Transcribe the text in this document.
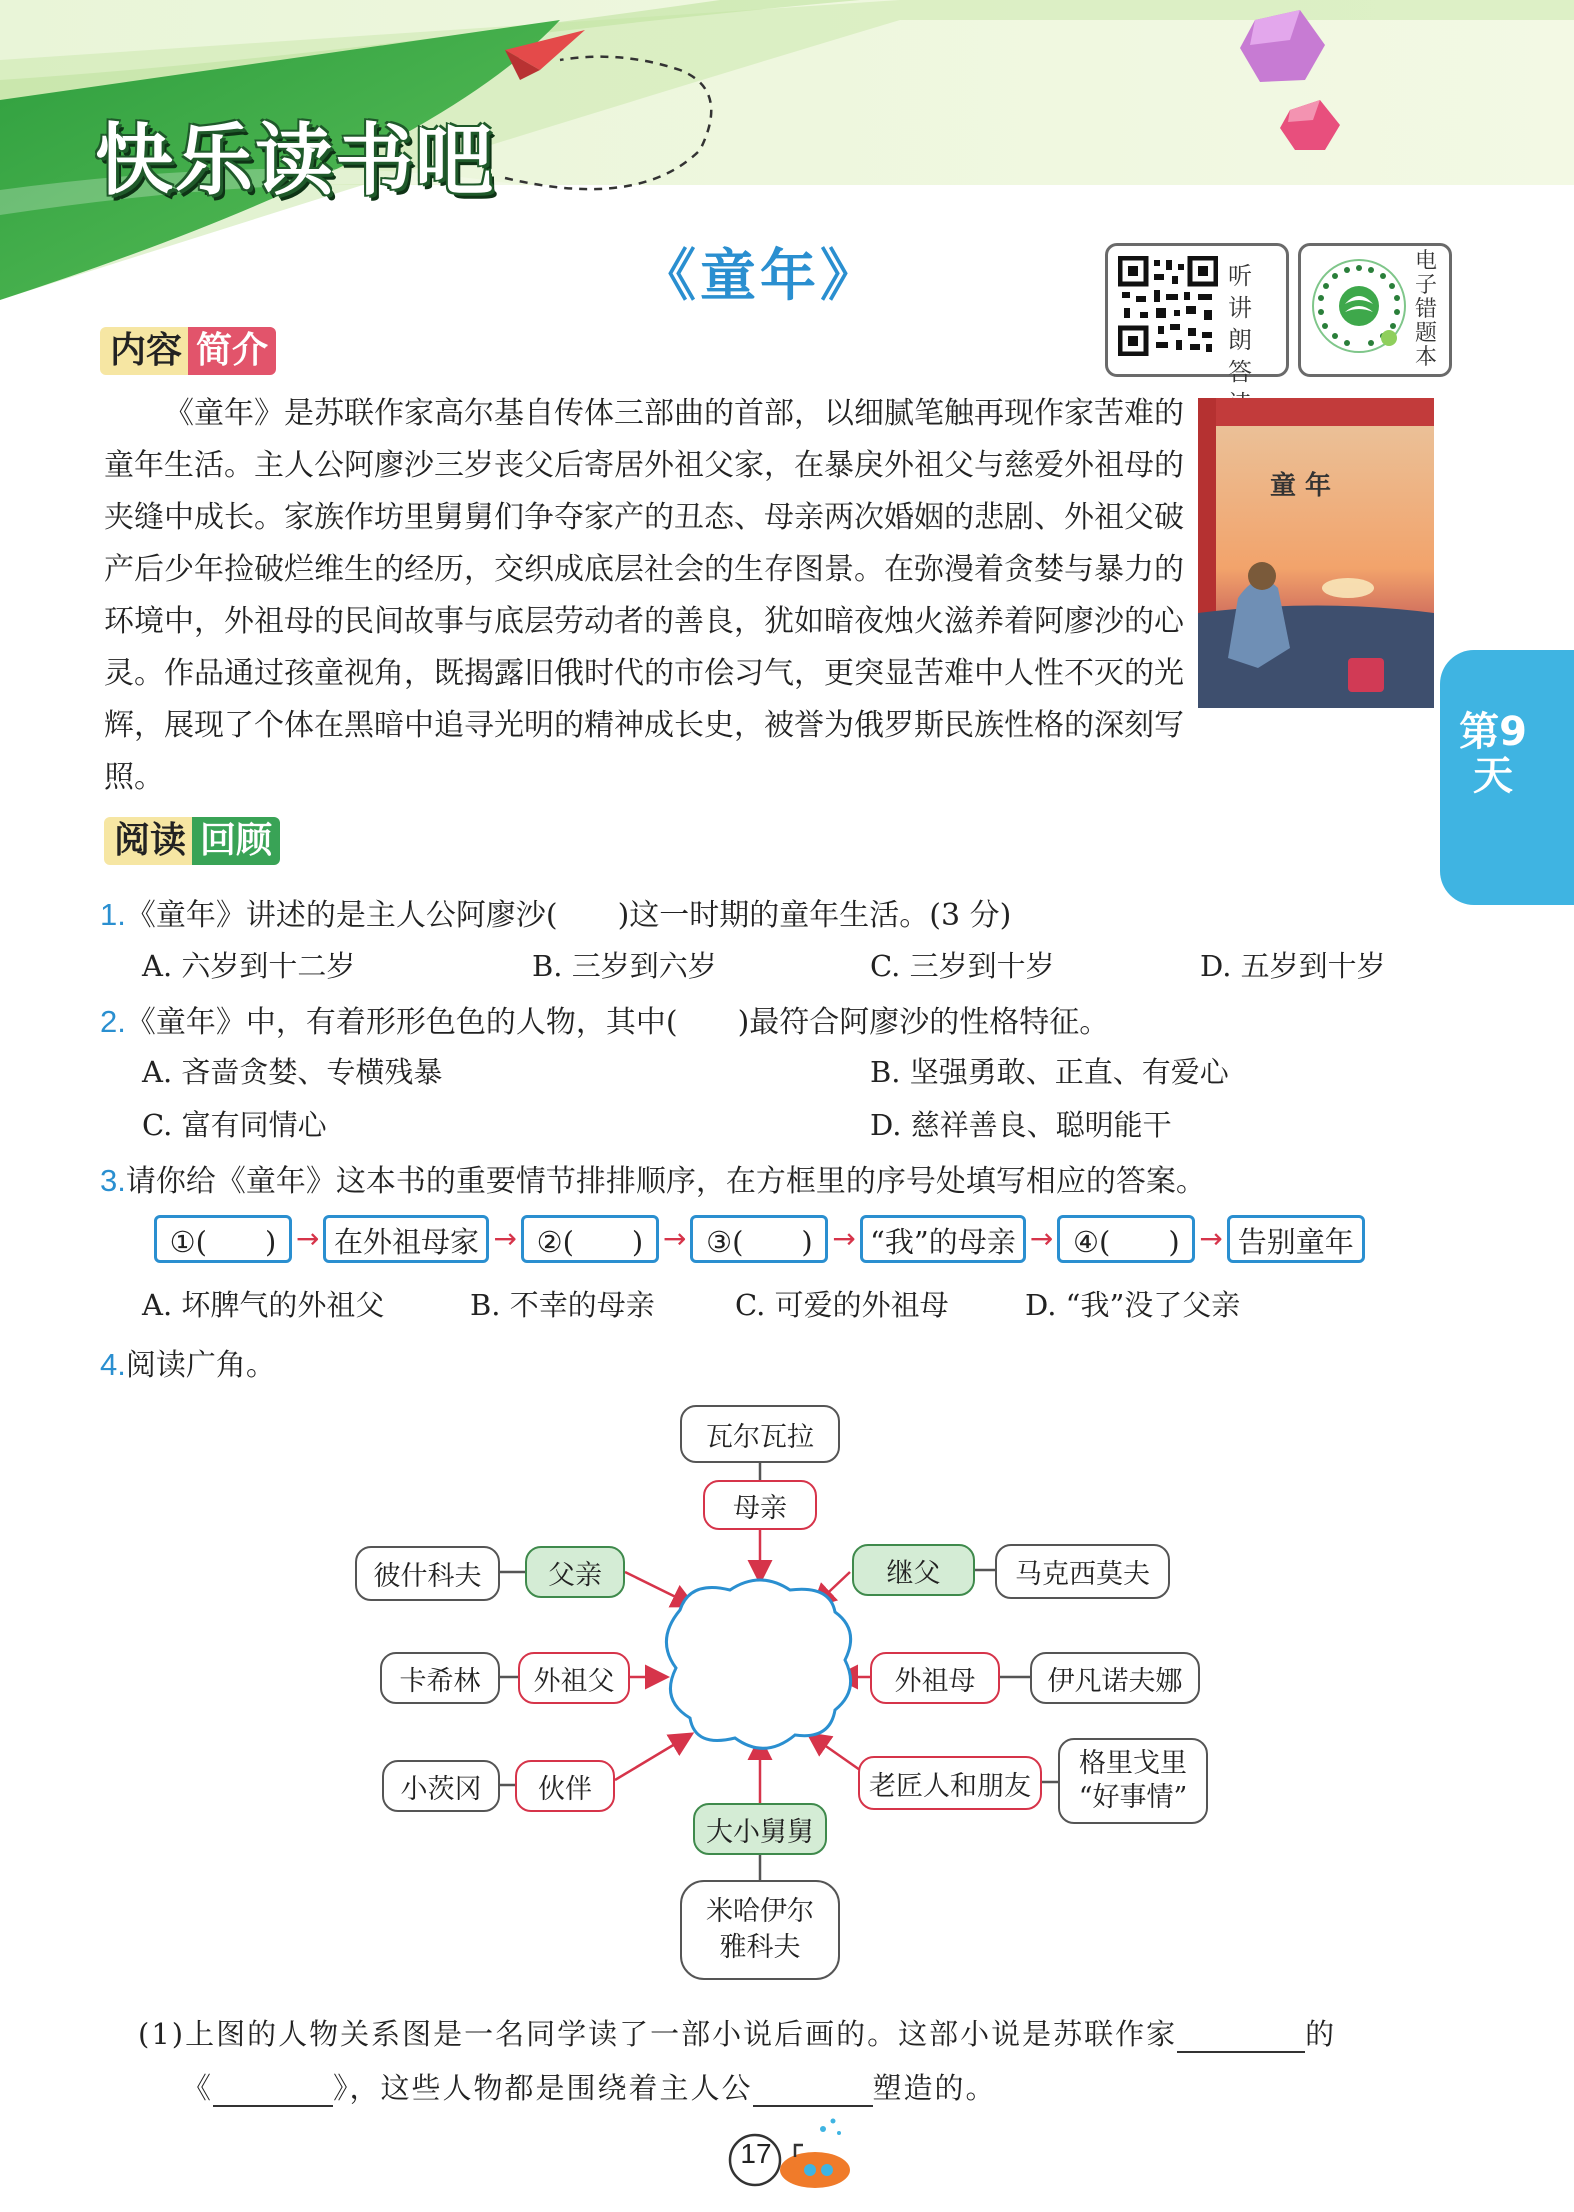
快乐读书吧
《童年》	听讲朗答
电子错题本
内容 简介
《童年》是苏联作家高尔基自传体三部曲的首部，以细腻笔触再现作家苦难的童年生活。主人公阿廖沙三岁丧父后寄居外祖父家，在暴戾外祖父与慈爱外祖母的夹缝中成长。家族作坊里舅舅们争夺家产的丑态、母亲两次婚姻的悲剧、外祖父破产后少年捡破烂维生的经历，交织成底层社会的生存图景。在弥漫着贪婪与暴力的环境中，外祖母的民间故事与底层劳动者的善良，犹如暗夜烛火滋养着阿廖沙的心灵。作品通过孩童视角，既揭露旧俄时代的市侩习气，更突显苦难中人性不灭的光辉，展现了个体在黑暗中追寻光明的精神成长史，被誉为俄罗斯民族性格的深刻写照。
童 年
第9天
阅读 回顾
1.《童年》讲述的是主人公阿廖沙(　　)这一时期的童年生活。(3 分)
A. 六岁到十二岁	B. 三岁到六岁	C. 三岁到十岁	D. 五岁到十岁
2.《童年》中，有着形形色色的人物，其中(　　)最符合阿廖沙的性格特征。
A. 吝啬贪婪、专横残暴	B. 坚强勇敢、正直、有爱心
C. 富有同情心	D. 慈祥善良、聪明能干
3.请你给《童年》这本书的重要情节排排顺序，在方框里的序号处填写相应的答案。
①(　　) → 在外祖母家 → ②(　　) → ③(　　) → “我”的母亲 → ④(　　) → 告别童年
A. 坏脾气的外祖父	B. 不幸的母亲	C. 可爱的外祖母	D. “我”没了父亲
4.阅读广角。
瓦尔瓦拉
母亲
彼什科夫	父亲
卡希林	外祖父
小茨冈	伙伴
继父	马克西莫夫
外祖母	伊凡诺夫娜
老匠人和朋友
格里戈里
“好事情”
大小舅舅
米哈伊尔
雅科夫
(1)上图的人物关系图是一名同学读了一部小说后画的。这部小说是苏联作家	的
《	》，这些人物都是围绕着主人公	塑造的。
17
